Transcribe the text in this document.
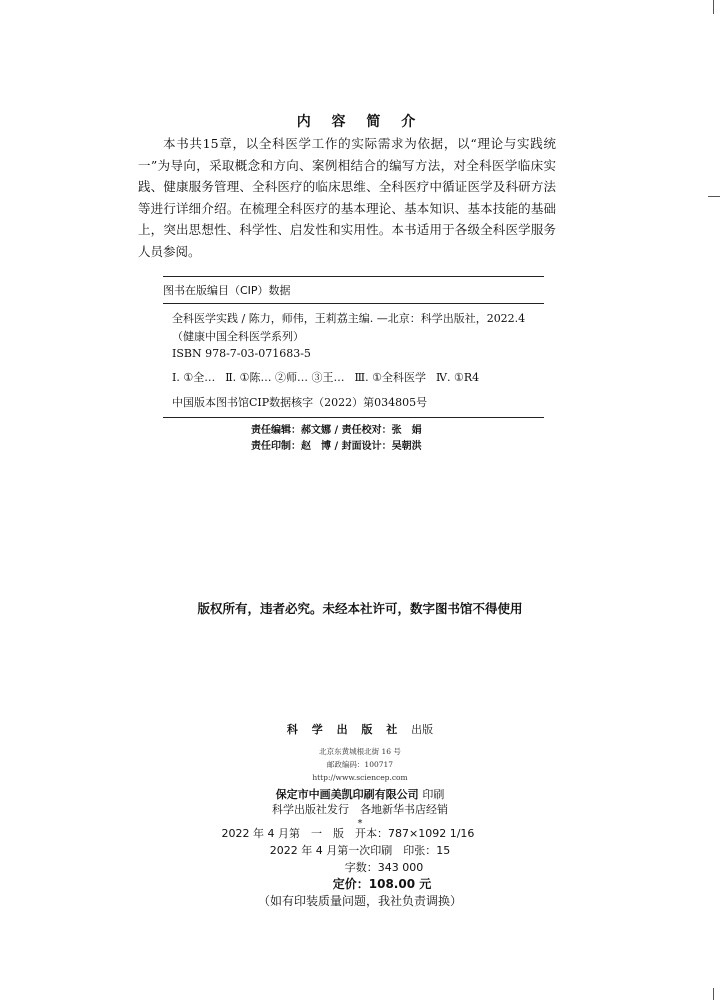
内 容 简 介
本书共15章，以全科医学工作的实际需求为依据，以“理论与实践统一”为导向，采取概念和方向、案例相结合的编写方法，对全科医学临床实践、健康服务管理、全科医疗的临床思维、全科医疗中循证医学及科研方法等进行详细介绍。在梳理全科医疗的基本理论、基本知识、基本技能的基础上，突出思想性、科学性、启发性和实用性。本书适用于各级全科医学服务人员参阅。
图书在版编目（CIP）数据
全科医学实践 / 陈力，师伟，王莉荔主编. —北京：科学出版社，2022.4
（健康中国全科医学系列）
ISBN 978-7-03-071683-5
Ⅰ. ①全… Ⅱ. ①陈… ②师… ③王… Ⅲ. ①全科医学 Ⅳ. ①R4
中国版本图书馆CIP数据核字（2022）第034805号
责任编辑：郝文娜 / 责任校对：张　娟
责任印制：赵　博 / 封面设计：吴朝洪
版权所有，违者必究。未经本社许可，数字图书馆不得使用
科 学 出 版 社 出版
北京东黄城根北街 16 号
邮政编码：100717
http://www.sciencep.com
保定市中画美凯印刷有限公司 印刷
科学出版社发行　各地新华书店经销
*
2022 年 4 月第　一　版　开本：787×1092 1/16
2022 年 4 月第一次印刷　印张：15
字数：343 000
定价：108.00 元
（如有印装质量问题，我社负责调换）
